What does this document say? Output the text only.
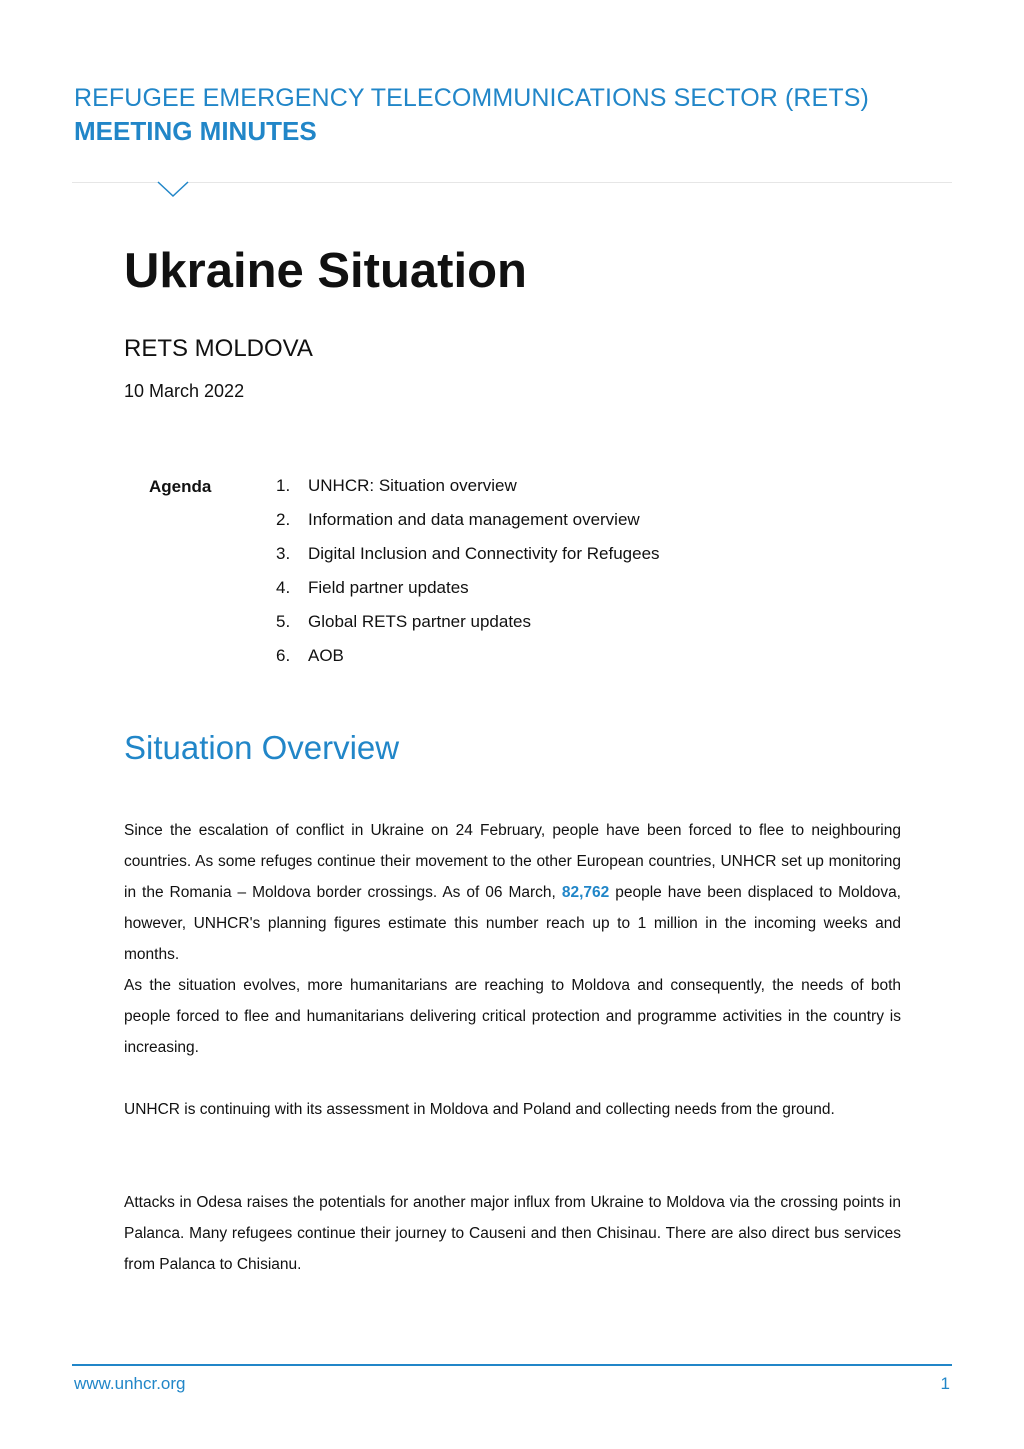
REFUGEE EMERGENCY TELECOMMUNICATIONS SECTOR (RETS)
MEETING MINUTES
Ukraine Situation
RETS MOLDOVA
10 March 2022
Agenda	1.	UNHCR: Situation overview
2.	Information and data management overview
3.	Digital Inclusion and Connectivity for Refugees
4.	Field partner updates
5.	Global RETS partner updates
6.	AOB
Situation Overview

Since the escalation of conflict in Ukraine on 24 February, people have been forced to flee to neighbouring countries. As some refuges continue their movement to the other European countries, UNHCR set up monitoring in the Romania – Moldova border crossings. As of 06 March, 82,762 people have been displaced to Moldova, however, UNHCR's planning figures estimate this number reach up to 1 million in the incoming weeks and months.

As the situation evolves, more humanitarians are reaching to Moldova and consequently, the needs of both people forced to flee and humanitarians delivering critical protection and programme activities in the country is increasing.

UNHCR is continuing with its assessment in Moldova and Poland and collecting needs from the ground.

Attacks in Odesa raises the potentials for another major influx from Ukraine to Moldova via the crossing points in Palanca. Many refugees continue their journey to Causeni and then Chisinau. There are also direct bus services from Palanca to Chisianu.

www.unhcr.org	1
